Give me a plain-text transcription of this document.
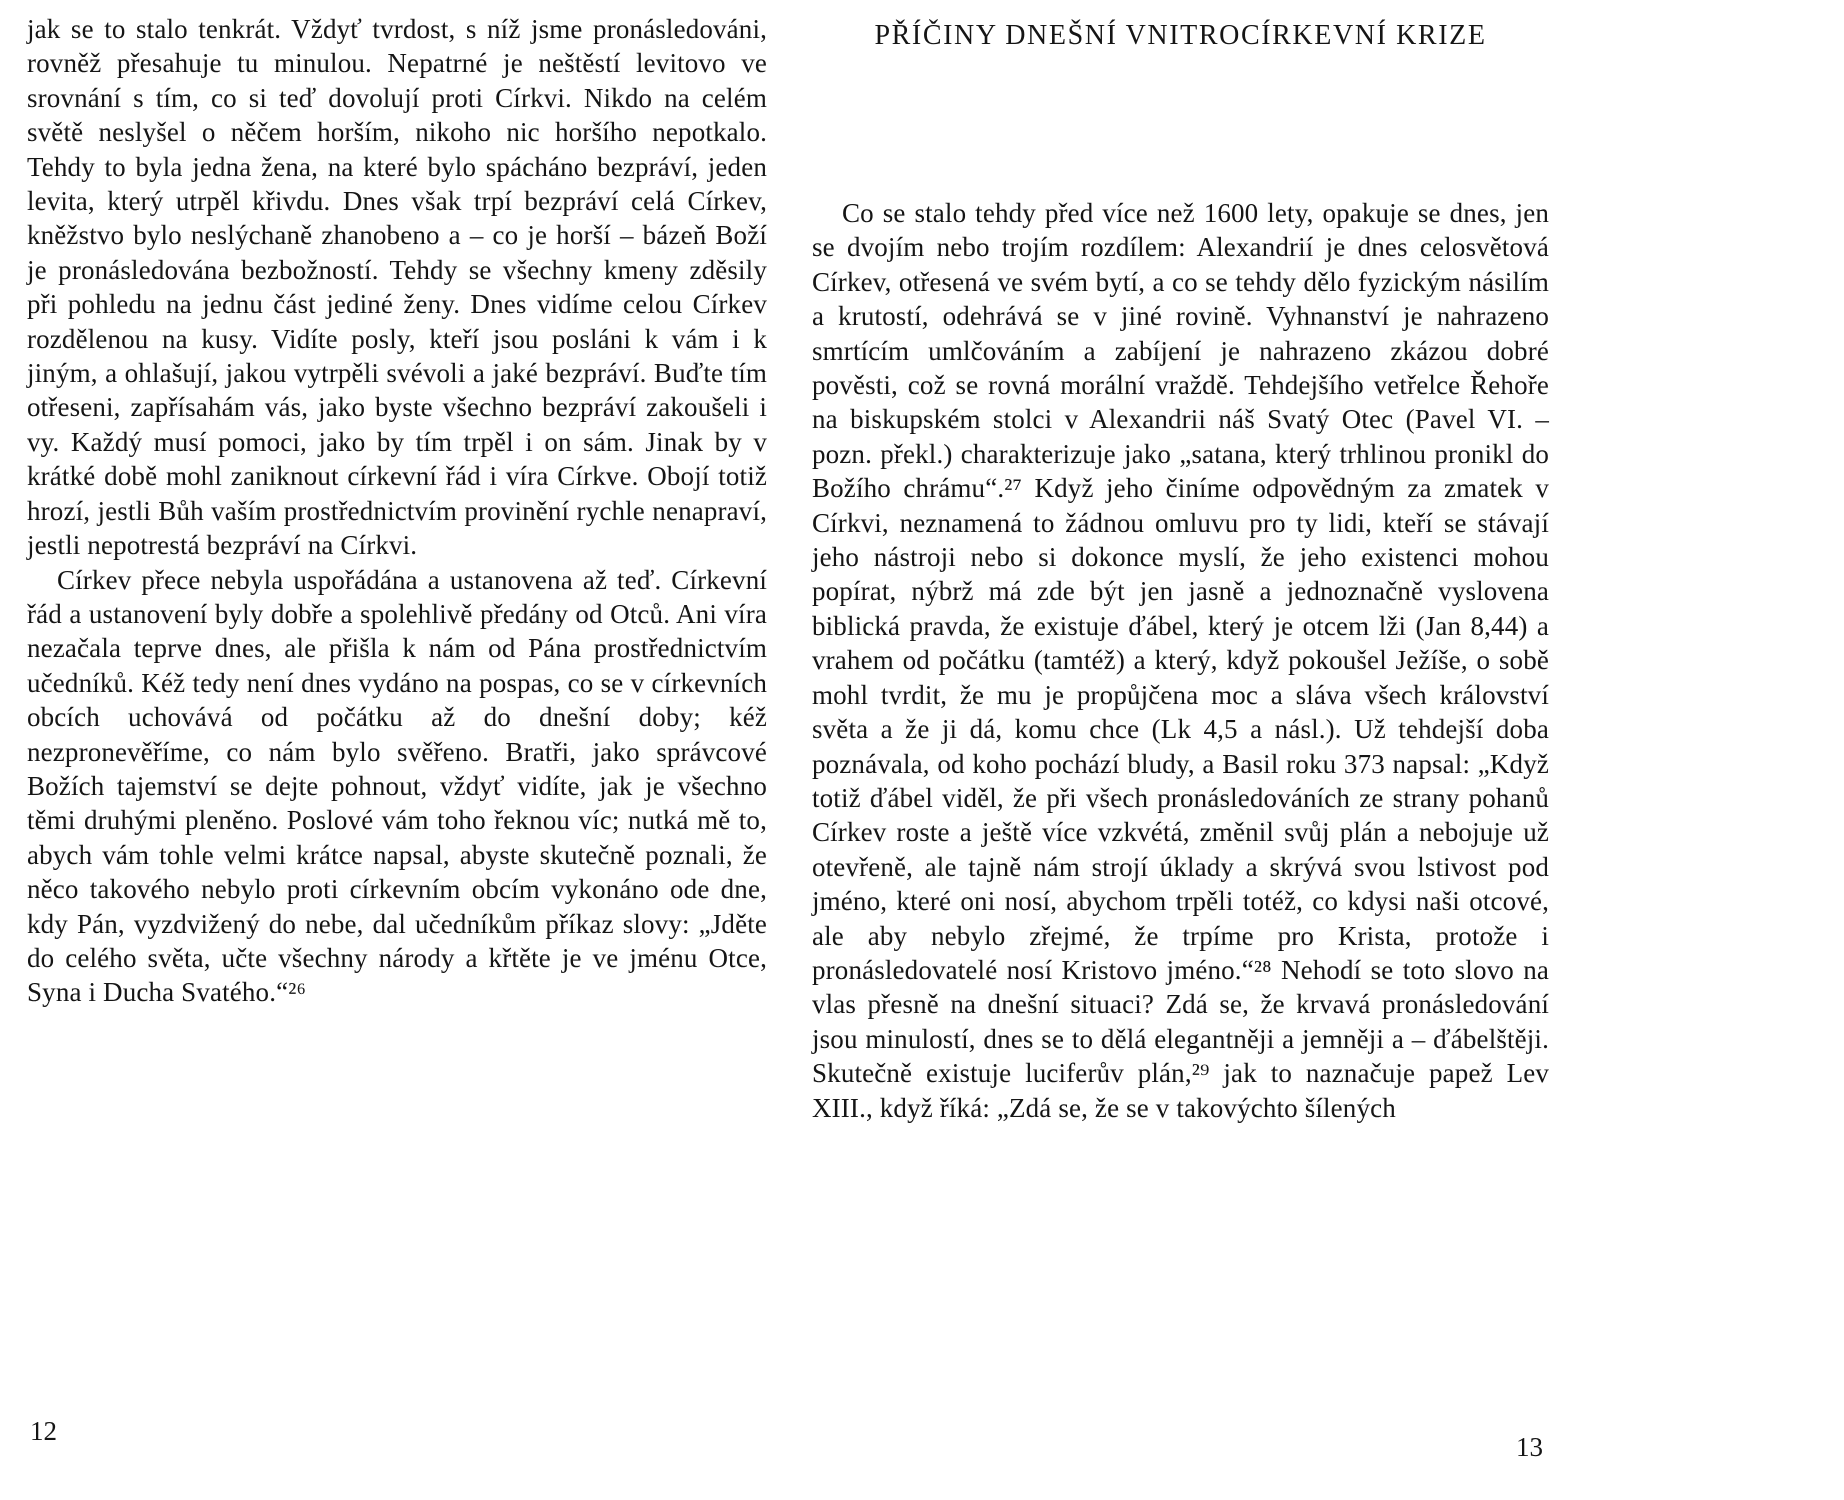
jak se to stalo tenkrát. Vždyť tvrdost, s níž jsme pronásledováni, rovněž přesahuje tu minulou. Nepatrné je neštěstí levitovo ve srovnání s tím, co si teď dovolují proti Církvi. Nikdo na celém světě neslyšel o něčem horším, nikoho nic horšího nepotkalo. Tehdy to byla jedna žena, na které bylo spácháno bezpráví, jeden levita, který utrpěl křivdu. Dnes však trpí bezpráví celá Církev, kněžstvo bylo neslýchaně zhanobeno a – co je horší – bázeň Boží je pronásledována bezbožností. Tehdy se všechny kmeny zděsily při pohledu na jednu část jediné ženy. Dnes vidíme celou Církev rozdělenou na kusy. Vidíte posly, kteří jsou posláni k vám i k jiným, a ohlašují, jakou vytrpěli svévoli a jaké bezpráví. Buďte tím otřeseni, zapřísahám vás, jako byste všechno bezpráví zakoušeli i vy. Každý musí pomoci, jako by tím trpěl i on sám. Jinak by v krátké době mohl zaniknout církevní řád i víra Církve. Obojí totiž hrozí, jestli Bůh vaším prostřednictvím provinění rychle nenapraví, jestli nepotrestá bezpráví na Církvi.

Církev přece nebyla uspořádána a ustanovena až teď. Církevní řád a ustanovení byly dobře a spolehlivě předány od Otců. Ani víra nezačala teprve dnes, ale přišla k nám od Pána prostřednictvím učedníků. Kéž tedy není dnes vydáno na pospas, co se v církevních obcích uchovává od počátku až do dnešní doby; kéž nezpronevěříme, co nám bylo svěřeno. Bratři, jako správcové Božích tajemství se dejte pohnout, vždyť vidíte, jak je všechno těmi druhými pleněno. Poslové vám toho řeknou víc; nutká mě to, abych vám tohle velmi krátce napsal, abyste skutečně poznali, že něco takového nebylo proti církevním obcím vykonáno ode dne, kdy Pán, vyzdvižený do nebe, dal učedníkům příkaz slovy: „Jděte do celého světa, učte všechny národy a křtěte je ve jménu Otce, Syna i Ducha Svatého.“²⁶

PŘÍČINY DNEŠNÍ VNITROCÍRKEVNÍ KRIZE

Co se stalo tehdy před více než 1600 lety, opakuje se dnes, jen se dvojím nebo trojím rozdílem: Alexandrií je dnes celosvětová Církev, otřesená ve svém bytí, a co se tehdy dělo fyzickým násilím a krutostí, odehrává se v jiné rovině. Vyhnanství je nahrazeno smrtícím umlčováním a zabíjení je nahrazeno zkázou dobré pověsti, což se rovná morální vraždě. Tehdejšího vetřelce Řehoře na biskupském stolci v Alexandrii náš Svatý Otec (Pavel VI. – pozn. překl.) charakterizuje jako „satana, který trhlinou pronikl do Božího chrámu“.²⁷ Když jeho činíme odpovědným za zmatek v Církvi, neznamená to žádnou omluvu pro ty lidi, kteří se stávají jeho nástroji nebo si dokonce myslí, že jeho existenci mohou popírat, nýbrž má zde být jen jasně a jednoznačně vyslovena biblická pravda, že existuje ďábel, který je otcem lži (Jan 8,44) a vrahem od počátku (tamtéž) a který, když pokoušel Ježíše, o sobě mohl tvrdit, že mu je propůjčena moc a sláva všech království světa a že ji dá, komu chce (Lk 4,5 a násl.). Už tehdejší doba poznávala, od koho pochází bludy, a Basil roku 373 napsal: „Když totiž ďábel viděl, že při všech pronásledováních ze strany pohanů Církev roste a ještě více vzkvétá, změnil svůj plán a nebojuje už otevřeně, ale tajně nám strojí úklady a skrývá svou lstivost pod jméno, které oni nosí, abychom trpěli totéž, co kdysi naši otcové, ale aby nebylo zřejmé, že trpíme pro Krista, protože i pronásledovatelé nosí Kristovo jméno.“²⁸ Nehodí se toto slovo na vlas přesně na dnešní situaci? Zdá se, že krvavá pronásledování jsou minulostí, dnes se to dělá elegantněji a jemněji a – ďábelštěji. Skutečně existuje luciferův plán,²⁹ jak to naznačuje papež Lev XIII., když říká: „Zdá se, že se v takovýchto šílených

12
13
